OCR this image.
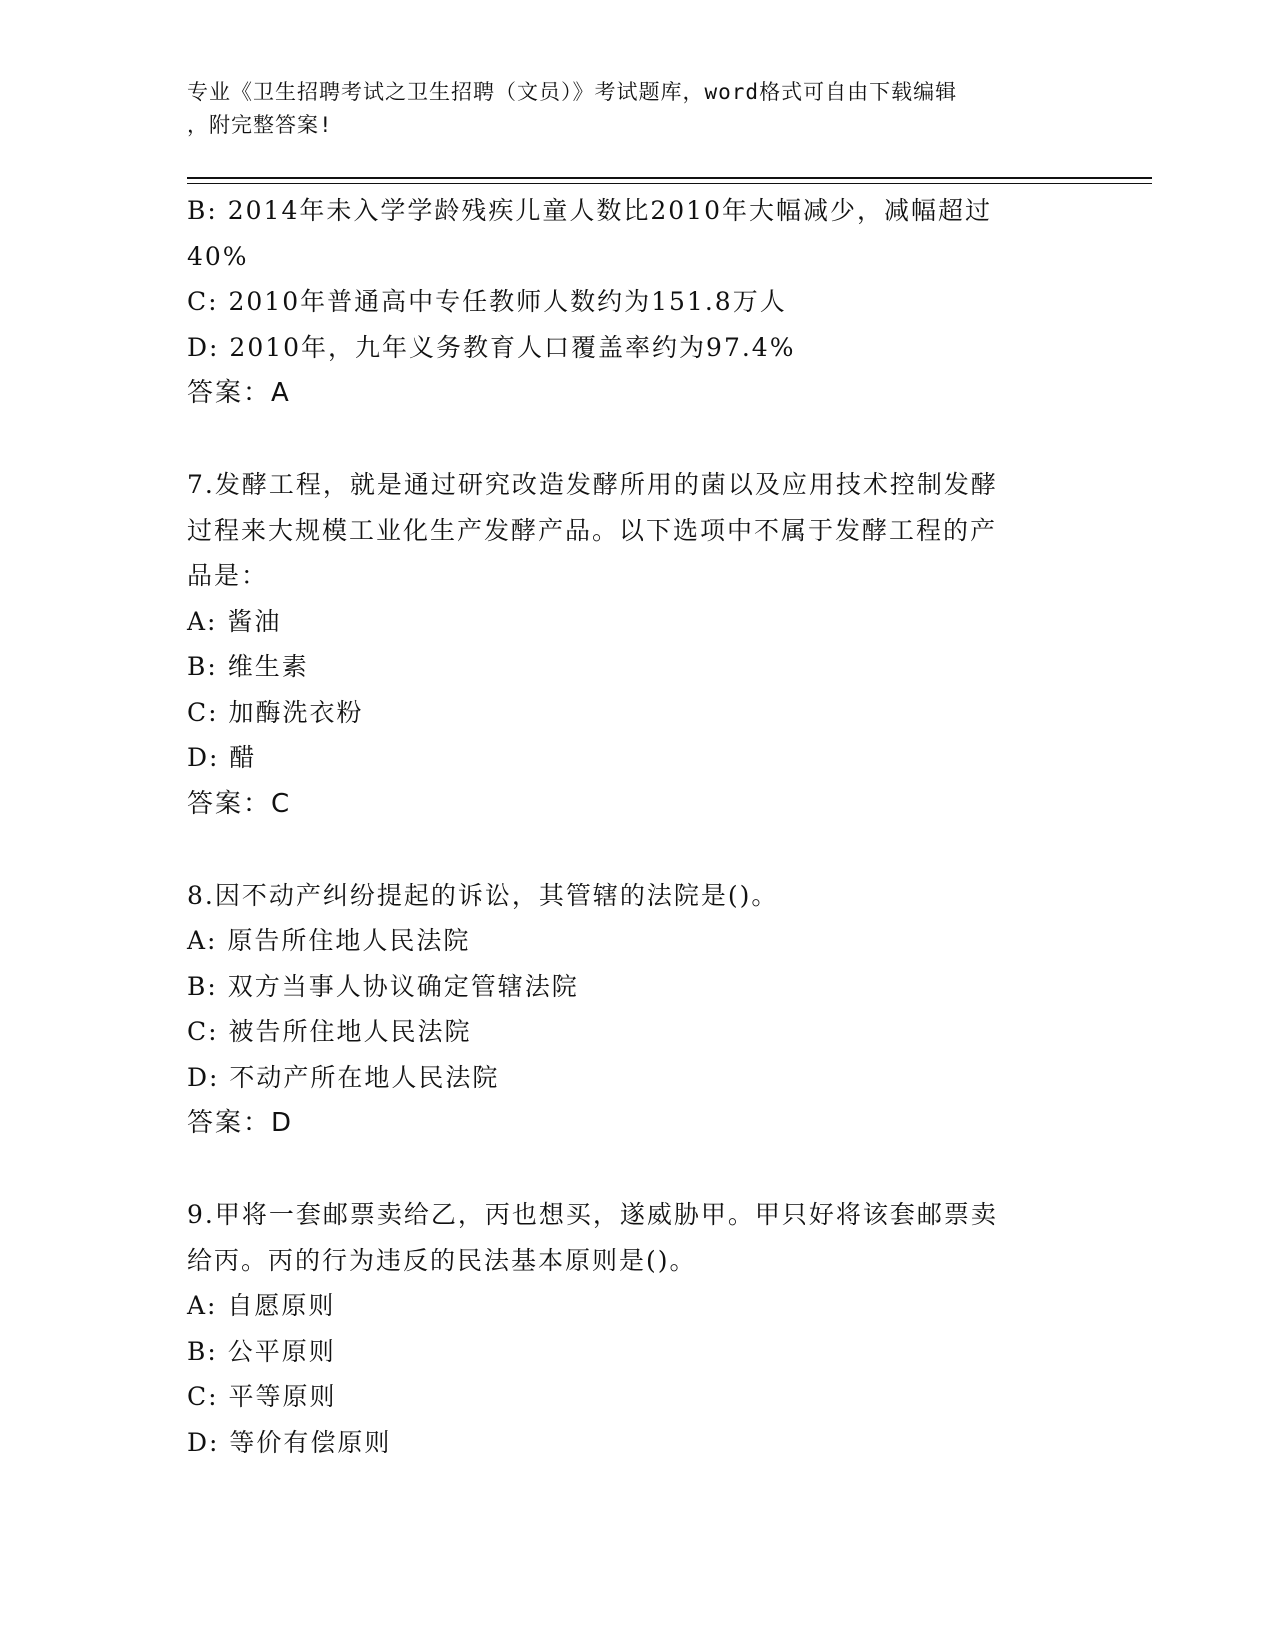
专业《卫生招聘考试之卫生招聘（文员）》考试题库，word格式可自由下载编辑
，附完整答案!
B: 2014年未入学学龄残疾儿童人数比2010年大幅减少，减幅超过
40%
C: 2010年普通高中专任教师人数约为151.8万人
D: 2010年，九年义务教育人口覆盖率约为97.4%
答案：A
7.发酵工程，就是通过研究改造发酵所用的菌以及应用技术控制发酵
过程来大规模工业化生产发酵产品。以下选项中不属于发酵工程的产
品是：
A: 酱油
B: 维生素
C: 加酶洗衣粉
D: 醋
答案：C
8.因不动产纠纷提起的诉讼，其管辖的法院是()。
A: 原告所住地人民法院
B: 双方当事人协议确定管辖法院
C: 被告所住地人民法院
D: 不动产所在地人民法院
答案：D
9.甲将一套邮票卖给乙，丙也想买，遂威胁甲。甲只好将该套邮票卖
给丙。丙的行为违反的民法基本原则是()。
A: 自愿原则
B: 公平原则
C: 平等原则
D: 等价有偿原则
